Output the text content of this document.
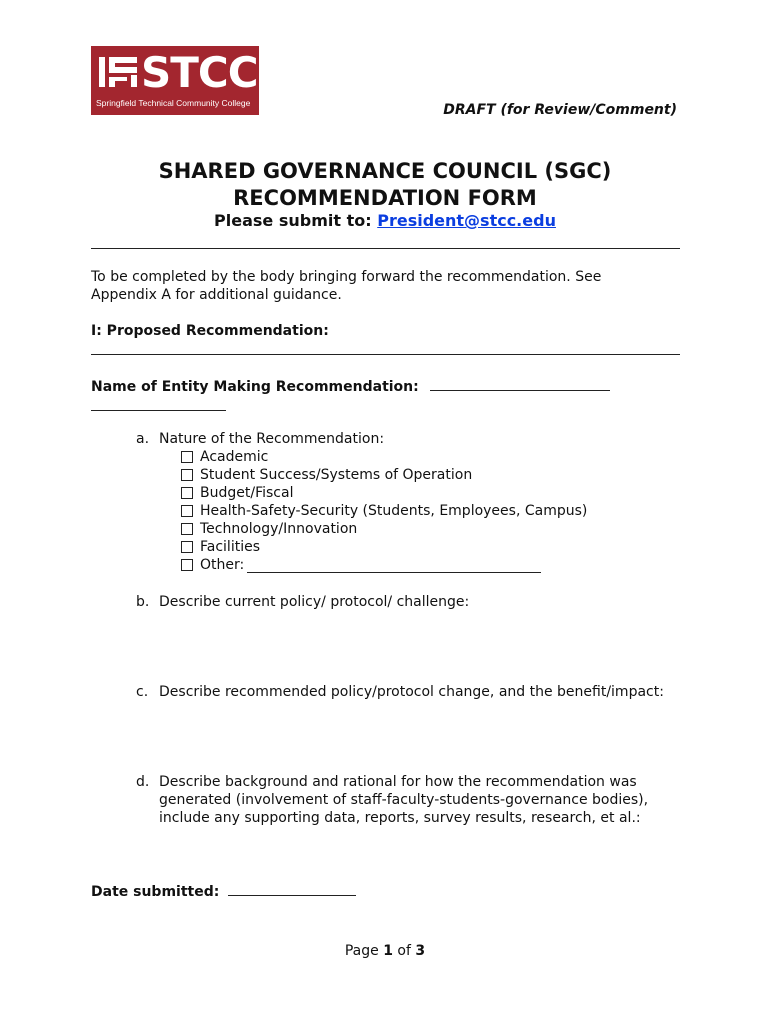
STCC
Springfield Technical Community College	DRAFT (for Review/Comment)
SHARED GOVERNANCE COUNCIL (SGC)
RECOMMENDATION FORM
Please submit to: President@stcc.edu
To be completed by the body bringing forward the recommendation. See Appendix A for additional guidance.
I: Proposed Recommendation:
Name of Entity Making Recommendation:
a. Nature of the Recommendation:
Academic
Student Success/Systems of Operation
Budget/Fiscal
Health-Safety-Security (Students, Employees, Campus)
Technology/Innovation
Facilities
Other:
b. Describe current policy/ protocol/ challenge:
c. Describe recommended policy/protocol change, and the benefit/impact:
d. Describe background and rational for how the recommendation was generated (involvement of staff-faculty-students-governance bodies), include any supporting data, reports, survey results, research, et al.:
Date submitted:
Page 1 of 3
